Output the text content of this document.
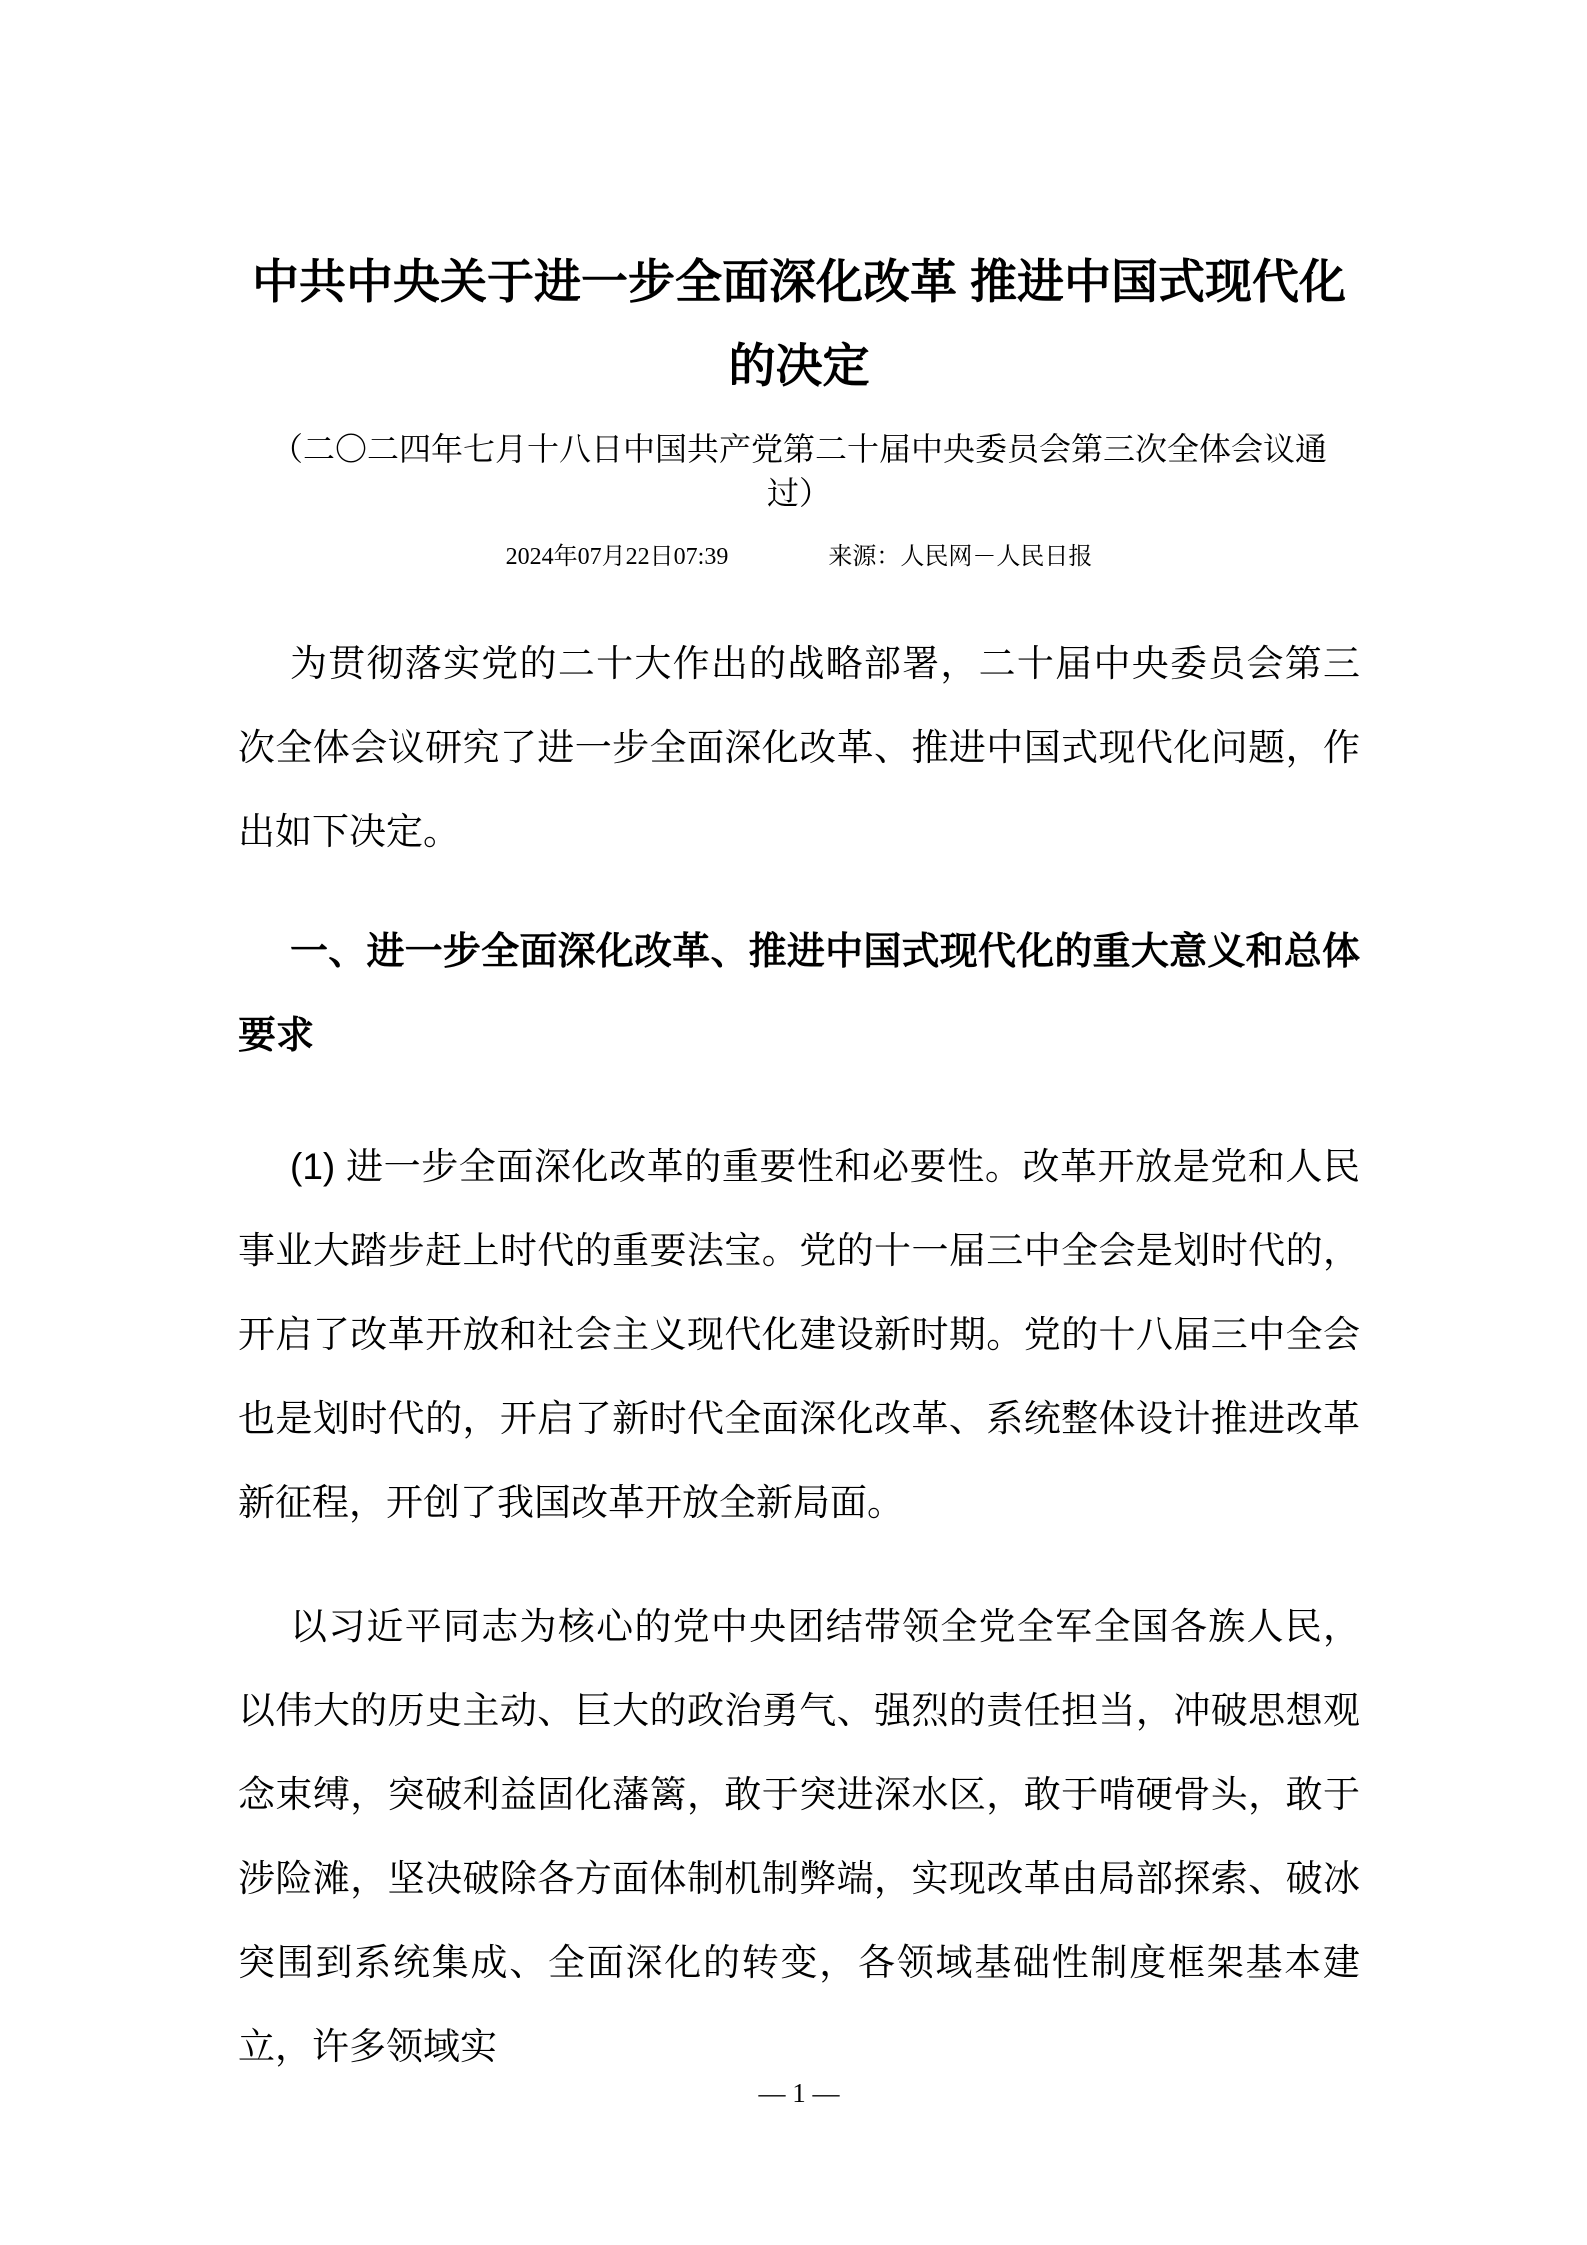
中共中央关于进一步全面深化改革 推进中国式现代化的决定
（二〇二四年七月十八日中国共产党第二十届中央委员会第三次全体会议通过）
2024年07月22日07:39	来源：人民网－人民日报

为贯彻落实党的二十大作出的战略部署，二十届中央委员会第三次全体会议研究了进一步全面深化改革、推进中国式现代化问题，作出如下决定。

一、进一步全面深化改革、推进中国式现代化的重大意义和总体要求

(1) 进一步全面深化改革的重要性和必要性。改革开放是党和人民事业大踏步赶上时代的重要法宝。党的十一届三中全会是划时代的，开启了改革开放和社会主义现代化建设新时期。党的十八届三中全会也是划时代的，开启了新时代全面深化改革、系统整体设计推进改革新征程，开创了我国改革开放全新局面。

以习近平同志为核心的党中央团结带领全党全军全国各族人民，以伟大的历史主动、巨大的政治勇气、强烈的责任担当，冲破思想观念束缚，突破利益固化藩篱，敢于突进深水区，敢于啃硬骨头，敢于涉险滩，坚决破除各方面体制机制弊端，实现改革由局部探索、破冰突围到系统集成、全面深化的转变，各领域基础性制度框架基本建立，许多领域实

— 1 —
